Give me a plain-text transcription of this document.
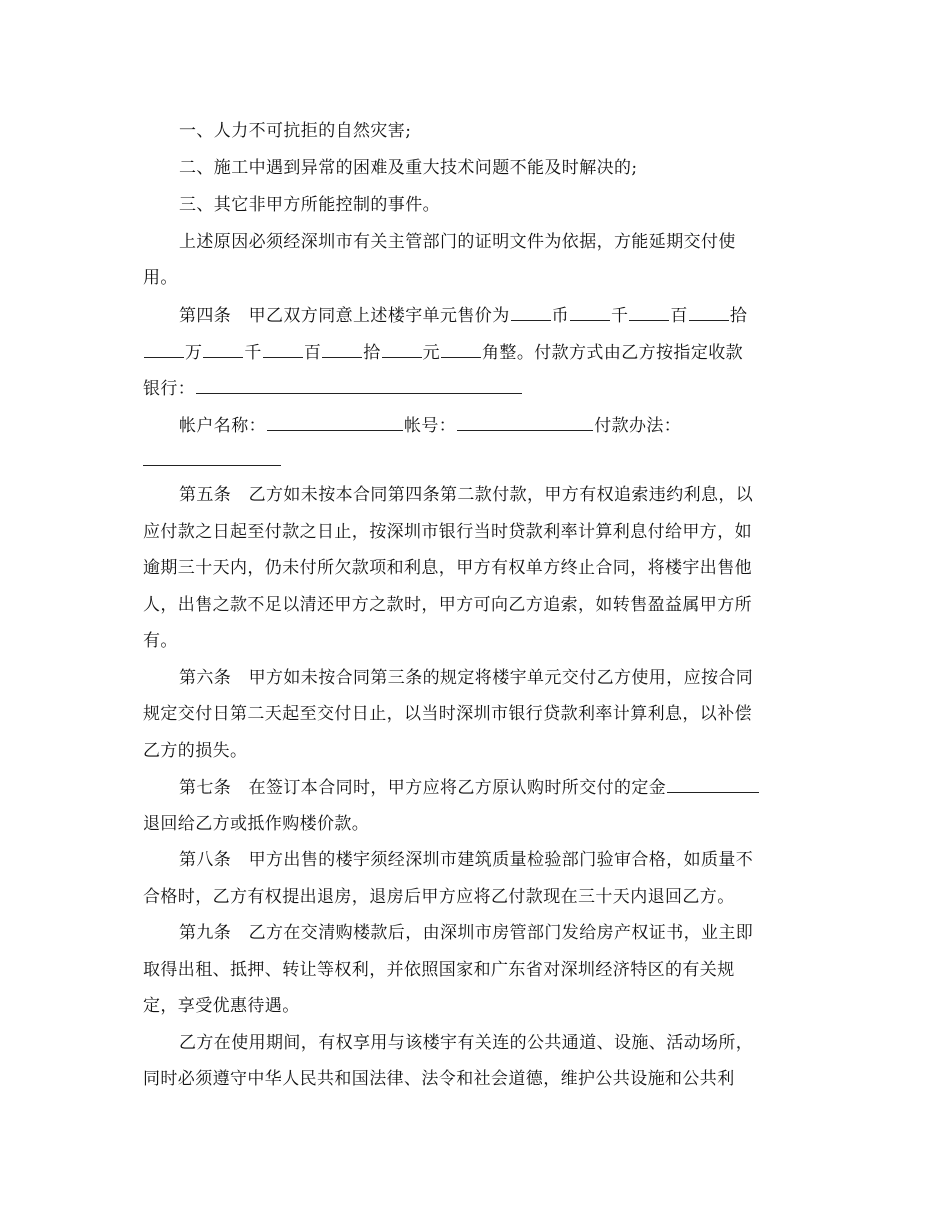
一、人力不可抗拒的自然灾害;
二、施工中遇到异常的困难及重大技术问题不能及时解决的;
三、其它非甲方所能控制的事件。
上述原因必须经深圳市有关主管部门的证明文件为依据，方能延期交付使
用。
第四条　甲乙双方同意上述楼宇单元售价为 币 千 百 拾
万 千 百 拾 元 角整。付款方式由乙方按指定收款
银行：
帐户名称：	帐号：	付款办法：
第五条　乙方如未按本合同第四条第二款付款，甲方有权追索违约利息，以
应付款之日起至付款之日止，按深圳市银行当时贷款利率计算利息付给甲方，如
逾期三十天内，仍未付所欠款项和利息，甲方有权单方终止合同，将楼宇出售他
人，出售之款不足以清还甲方之款时，甲方可向乙方追索，如转售盈益属甲方所
有。
第六条　甲方如未按合同第三条的规定将楼宇单元交付乙方使用，应按合同
规定交付日第二天起至交付日止，以当时深圳市银行贷款利率计算利息，以补偿
乙方的损失。
第七条　在签订本合同时，甲方应将乙方原认购时所交付的定金
退回给乙方或抵作购楼价款。
第八条　甲方出售的楼宇须经深圳市建筑质量检验部门验审合格，如质量不
合格时，乙方有权提出退房，退房后甲方应将乙付款现在三十天内退回乙方。
第九条　乙方在交清购楼款后，由深圳市房管部门发给房产权证书，业主即
取得出租、抵押、转让等权利，并依照国家和广东省对深圳经济特区的有关规
定，享受优惠待遇。
乙方在使用期间，有权享用与该楼宇有关连的公共通道、设施、活动场所，
同时必须遵守中华人民共和国法律、法令和社会道德，维护公共设施和公共利
